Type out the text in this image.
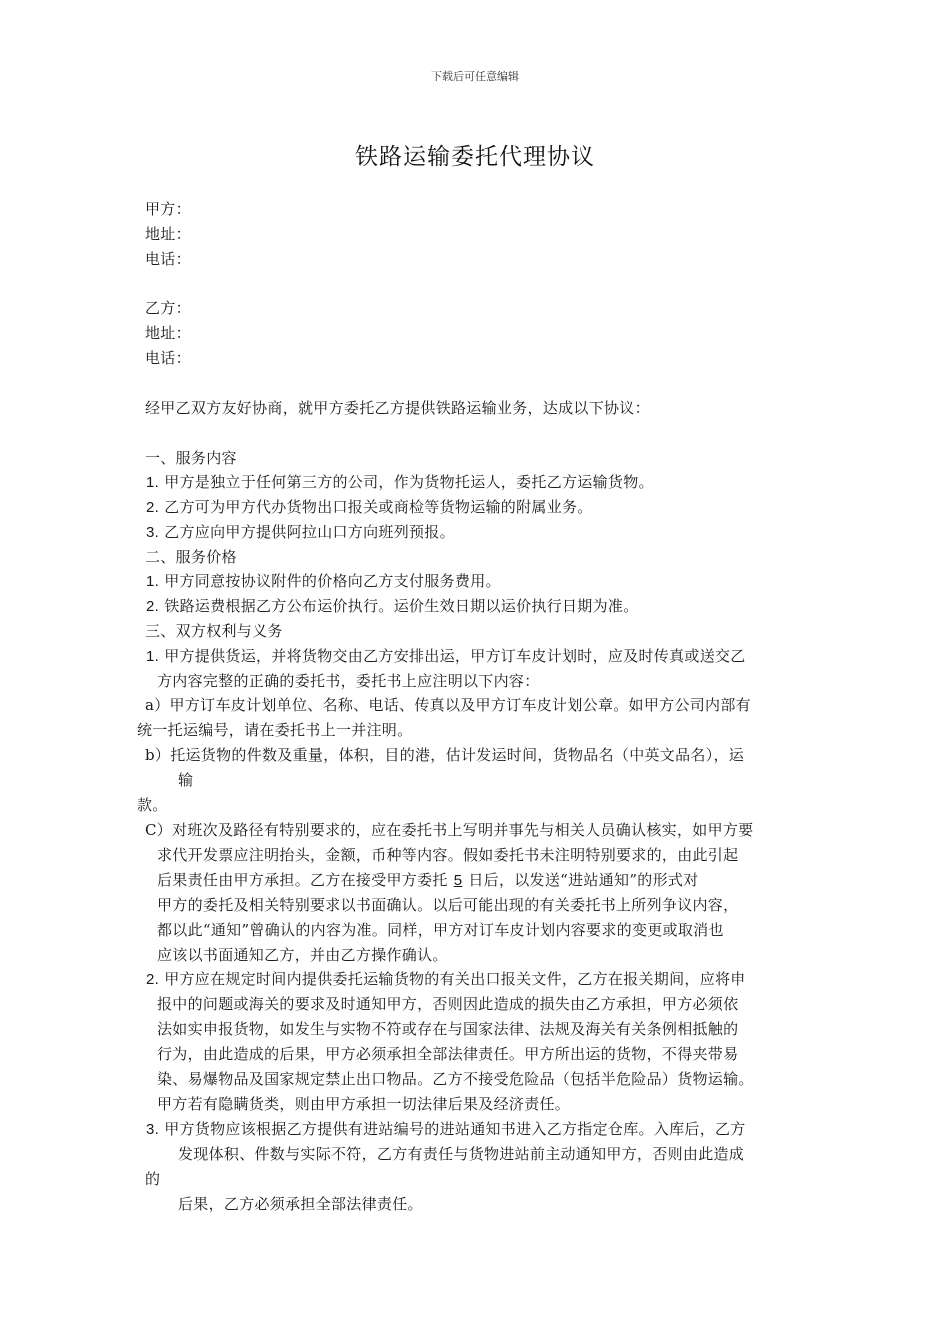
下载后可任意编辑
铁路运输委托代理协议
甲方：
地址：
电话：
乙方：
地址：
电话：
经甲乙双方友好协商，就甲方委托乙方提供铁路运输业务，达成以下协议：
一、服务内容
1. 甲方是独立于任何第三方的公司，作为货物托运人，委托乙方运输货物。
2. 乙方可为甲方代办货物出口报关或商检等货物运输的附属业务。
3. 乙方应向甲方提供阿拉山口方向班列预报。
二、服务价格
1. 甲方同意按协议附件的价格向乙方支付服务费用。
2. 铁路运费根据乙方公布运价执行。运价生效日期以运价执行日期为准。
三、双方权利与义务
1. 甲方提供货运，并将货物交由乙方安排出运，甲方订车皮计划时，应及时传真或送交乙
方内容完整的正确的委托书，委托书上应注明以下内容：
a）甲方订车皮计划单位、名称、电话、传真以及甲方订车皮计划公章。如甲方公司内部有
统一托运编号，请在委托书上一并注明。
b）托运货物的件数及重量，体积，目的港，估计发运时间，货物品名（中英文品名），运
输
款。
C）对班次及路径有特别要求的，应在委托书上写明并事先与相关人员确认核实，如甲方要
求代开发票应注明抬头，金额，币种等内容。假如委托书未注明特别要求的，由此引起
后果责任由甲方承担。乙方在接受甲方委托 5 日后，以发送“进站通知”的形式对
甲方的委托及相关特别要求以书面确认。以后可能出现的有关委托书上所列争议内容，
都以此“通知”曾确认的内容为准。同样，甲方对订车皮计划内容要求的变更或取消也
应该以书面通知乙方，并由乙方操作确认。
2. 甲方应在规定时间内提供委托运输货物的有关出口报关文件，乙方在报关期间，应将申
报中的问题或海关的要求及时通知甲方，否则因此造成的损失由乙方承担，甲方必须依
法如实申报货物，如发生与实物不符或存在与国家法律、法规及海关有关条例相抵触的
行为，由此造成的后果，甲方必须承担全部法律责任。甲方所出运的货物，不得夹带易
染、易爆物品及国家规定禁止出口物品。乙方不接受危险品（包括半危险品）货物运输。
甲方若有隐瞒货类，则由甲方承担一切法律后果及经济责任。
3. 甲方货物应该根据乙方提供有进站编号的进站通知书进入乙方指定仓库。入库后，乙方
发现体积、件数与实际不符，乙方有责任与货物进站前主动通知甲方，否则由此造成
的
后果，乙方必须承担全部法律责任。
